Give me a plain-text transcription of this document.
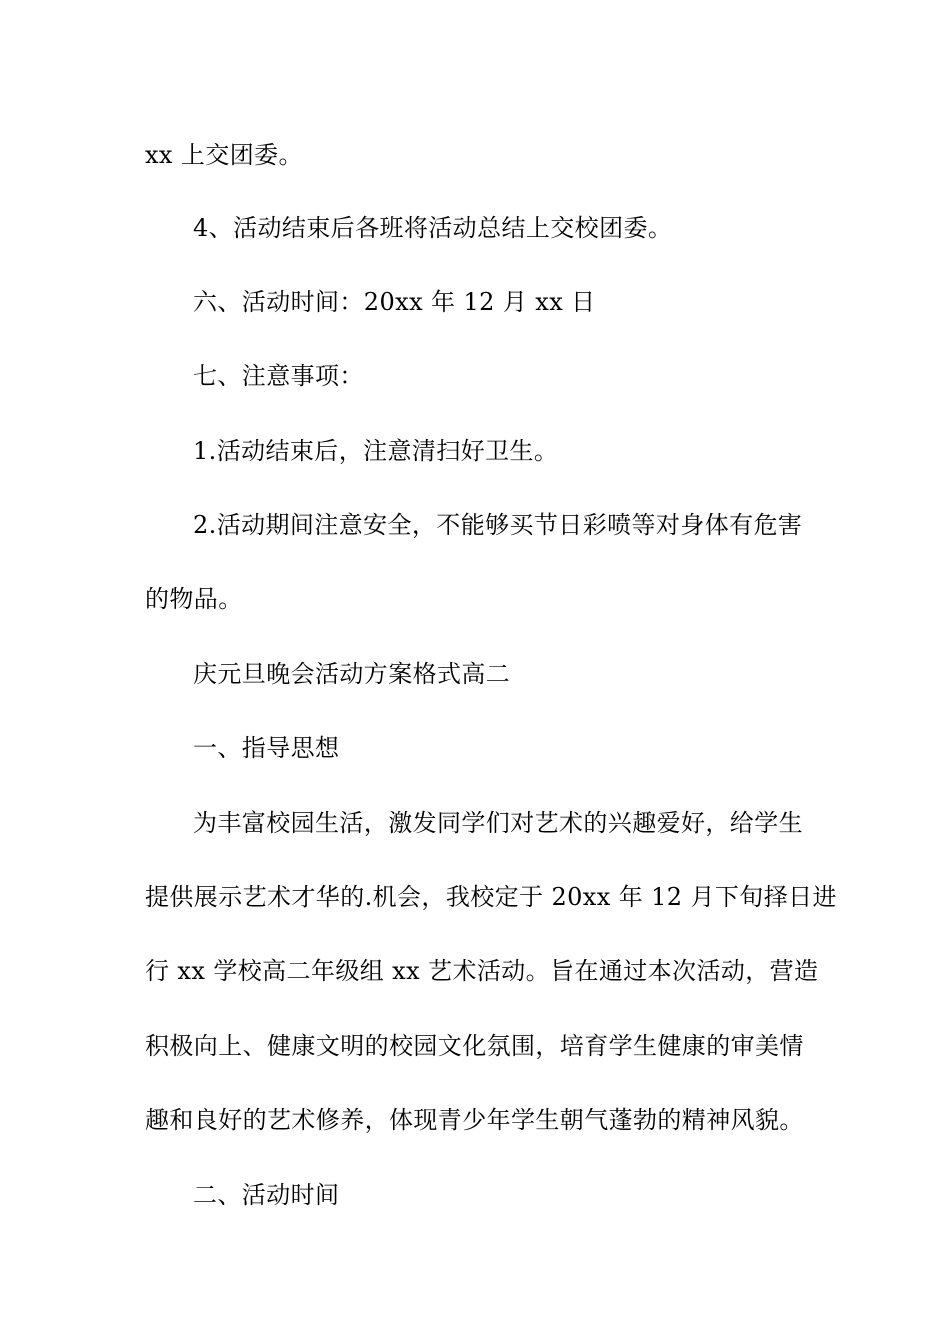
xx 上交团委。
4、活动结束后各班将活动总结上交校团委。
六、活动时间：20xx 年 12 月 xx 日
七、注意事项：
1.活动结束后，注意清扫好卫生。
2.活动期间注意安全，不能够买节日彩喷等对身体有危害
的物品。
庆元旦晚会活动方案格式高二
一、指导思想
为丰富校园生活，激发同学们对艺术的兴趣爱好，给学生
提供展示艺术才华的.机会，我校定于 20xx 年 12 月下旬择日进
行 xx 学校高二年级组 xx 艺术活动。旨在通过本次活动，营造
积极向上、健康文明的校园文化氛围，培育学生健康的审美情
趣和良好的艺术修养，体现青少年学生朝气蓬勃的精神风貌。
二、活动时间
